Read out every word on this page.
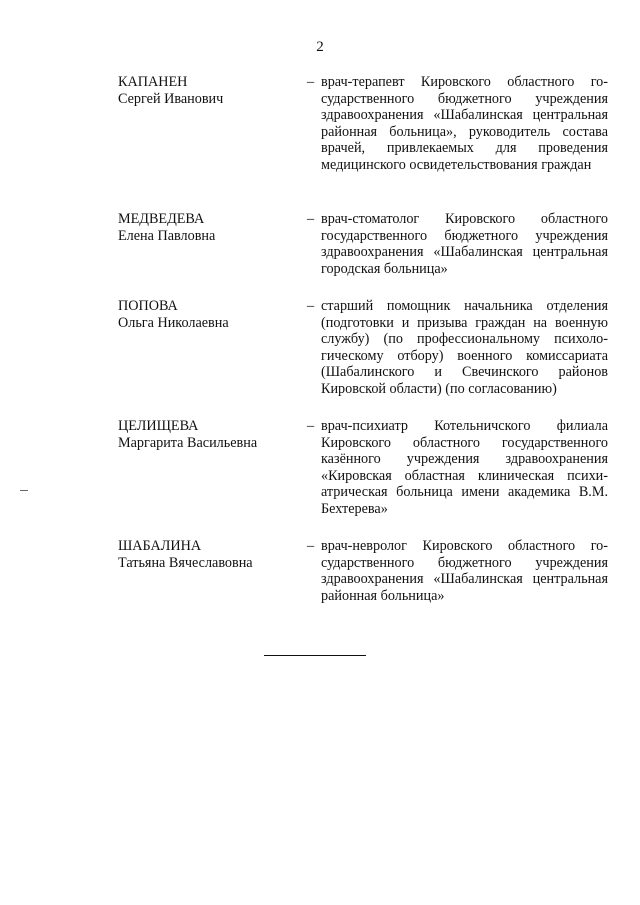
2
КАПАНЕН
Сергей Иванович
– врач-терапевт Кировского областного государственного бюджетного учреждения здравоохранения «Шабалинская центральная районная больница», руководитель состава врачей, привлекаемых для проведения медицинского освидетельствования граждан
МЕДВЕДЕВА
Елена Павловна
– врач-стоматолог Кировского областного государственного бюджетного учреждения здравоохранения «Шабалинская центральная городская больница»
ПОПОВА
Ольга Николаевна
– старший помощник начальника отделения (подготовки и призыва граждан на военную службу) (по профессиональному психологическому отбору) военного комиссариата (Шабалинского и Свечинского районов Кировской области) (по согласованию)
ЦЕЛИЩЕВА
Маргарита Васильевна
– врач-психиатр Котельничского филиала Кировского областного государственного казённого учреждения здравоохранения «Кировская областная клиническая психиатрическая больница имени академика В.М. Бехтерева»
ШАБАЛИНА
Татьяна Вячеславовна
– врач-невролог Кировского областного государственного бюджетного учреждения здравоохранения «Шабалинская центральная районная больница»
